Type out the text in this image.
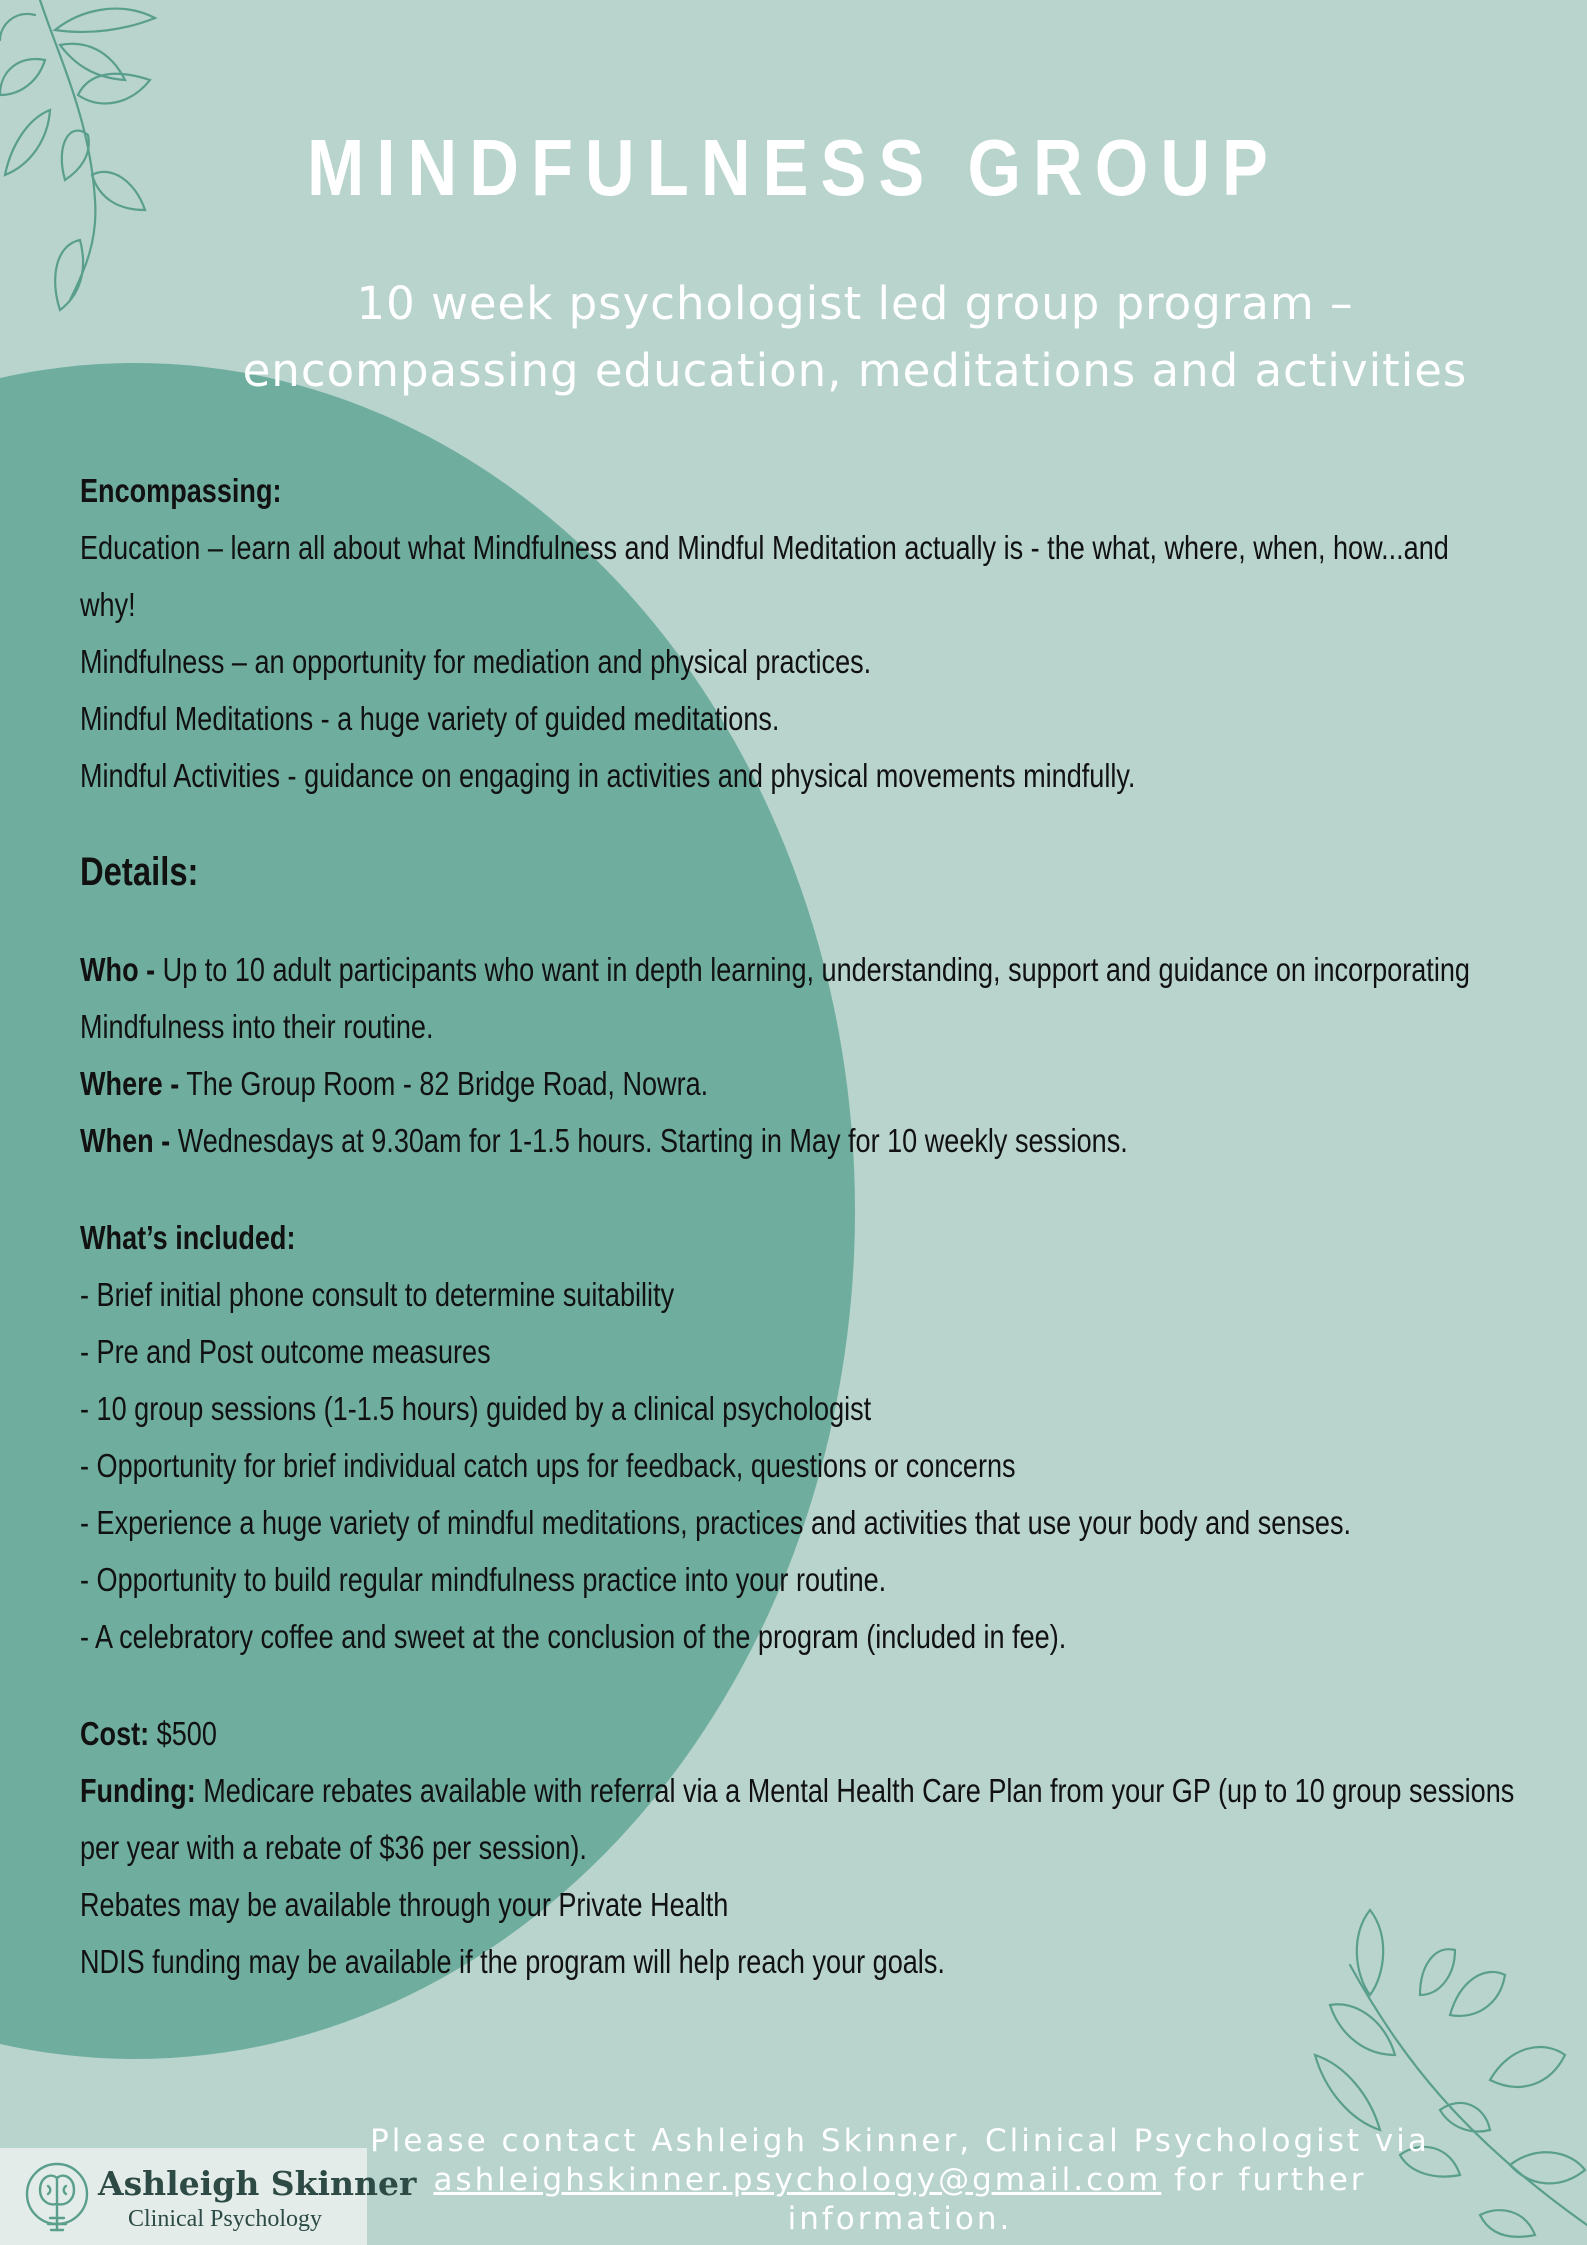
MINDFULNESS GROUP
10 week psychologist led group program –
encompassing education, meditations and activities
Encompassing:
Education – learn all about what Mindfulness and Mindful Meditation actually is - the what, where, when, how...and
why!
Mindfulness – an opportunity for mediation and physical practices.
Mindful Meditations - a huge variety of guided meditations.
Mindful Activities - guidance on engaging in activities and physical movements mindfully.
Details:
Who - Up to 10 adult participants who want in depth learning, understanding, support and guidance on incorporating
Mindfulness into their routine.
Where - The Group Room - 82 Bridge Road, Nowra.
When - Wednesdays at 9.30am for 1-1.5 hours. Starting in May for 10 weekly sessions.
What’s included:
- Brief initial phone consult to determine suitability
- Pre and Post outcome measures
- 10 group sessions (1-1.5 hours) guided by a clinical psychologist
- Opportunity for brief individual catch ups for feedback, questions or concerns
- Experience a huge variety of mindful meditations, practices and activities that use your body and senses.
- Opportunity to build regular mindfulness practice into your routine.
- A celebratory coffee and sweet at the conclusion of the program (included in fee).
Cost: $500
Funding: Medicare rebates available with referral via a Mental Health Care Plan from your GP (up to 10 group sessions
per year with a rebate of $36 per session).
Rebates may be available through your Private Health
NDIS funding may be available if the program will help reach your goals.
Please contact Ashleigh Skinner, Clinical Psychologist via
ashleighskinner.psychology@gmail.com for further information.
Ashleigh Skinner
Clinical Psychology
